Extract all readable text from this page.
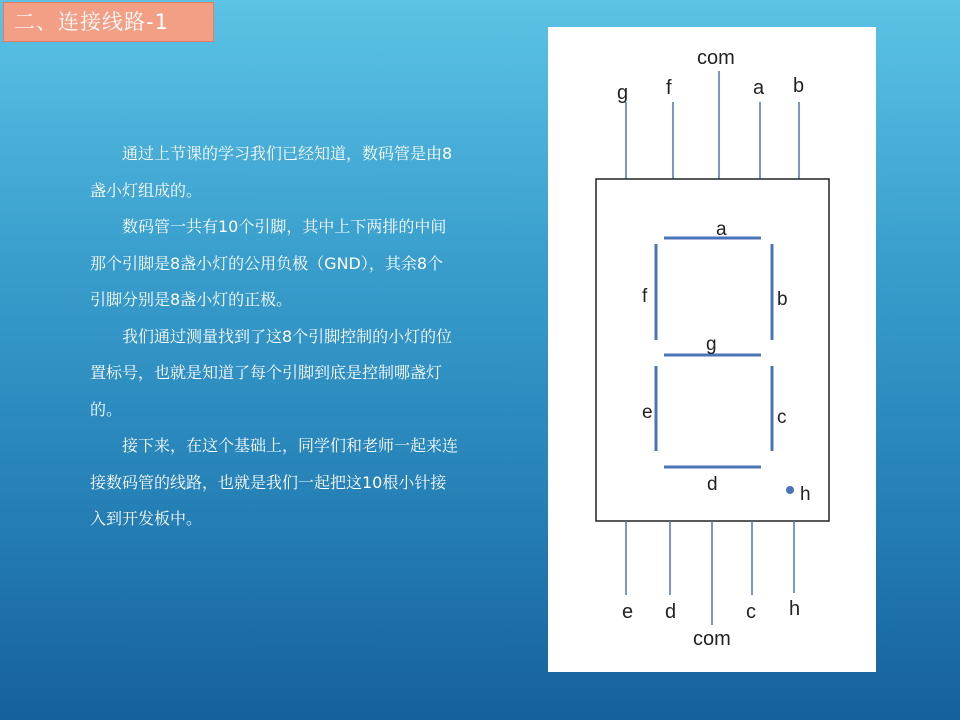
二、连接线路-1

通过上节课的学习我们已经知道，数码管是由8盏小灯组成的。

数码管一共有10个引脚，其中上下两排的中间那个引脚是8盏小灯的公用负极（GND），其余8个引脚分别是8盏小灯的正极。

我们通过测量找到了这8个引脚控制的小灯的位置标号，也就是知道了每个引脚到底是控制哪盏灯的。

接下来，在这个基础上，同学们和老师一起来连接数码管的线路，也就是我们一起把这10根小针接入到开发板中。

g f
com
a b
a
f	b
g
e	c
d	h
e d
com
c h
